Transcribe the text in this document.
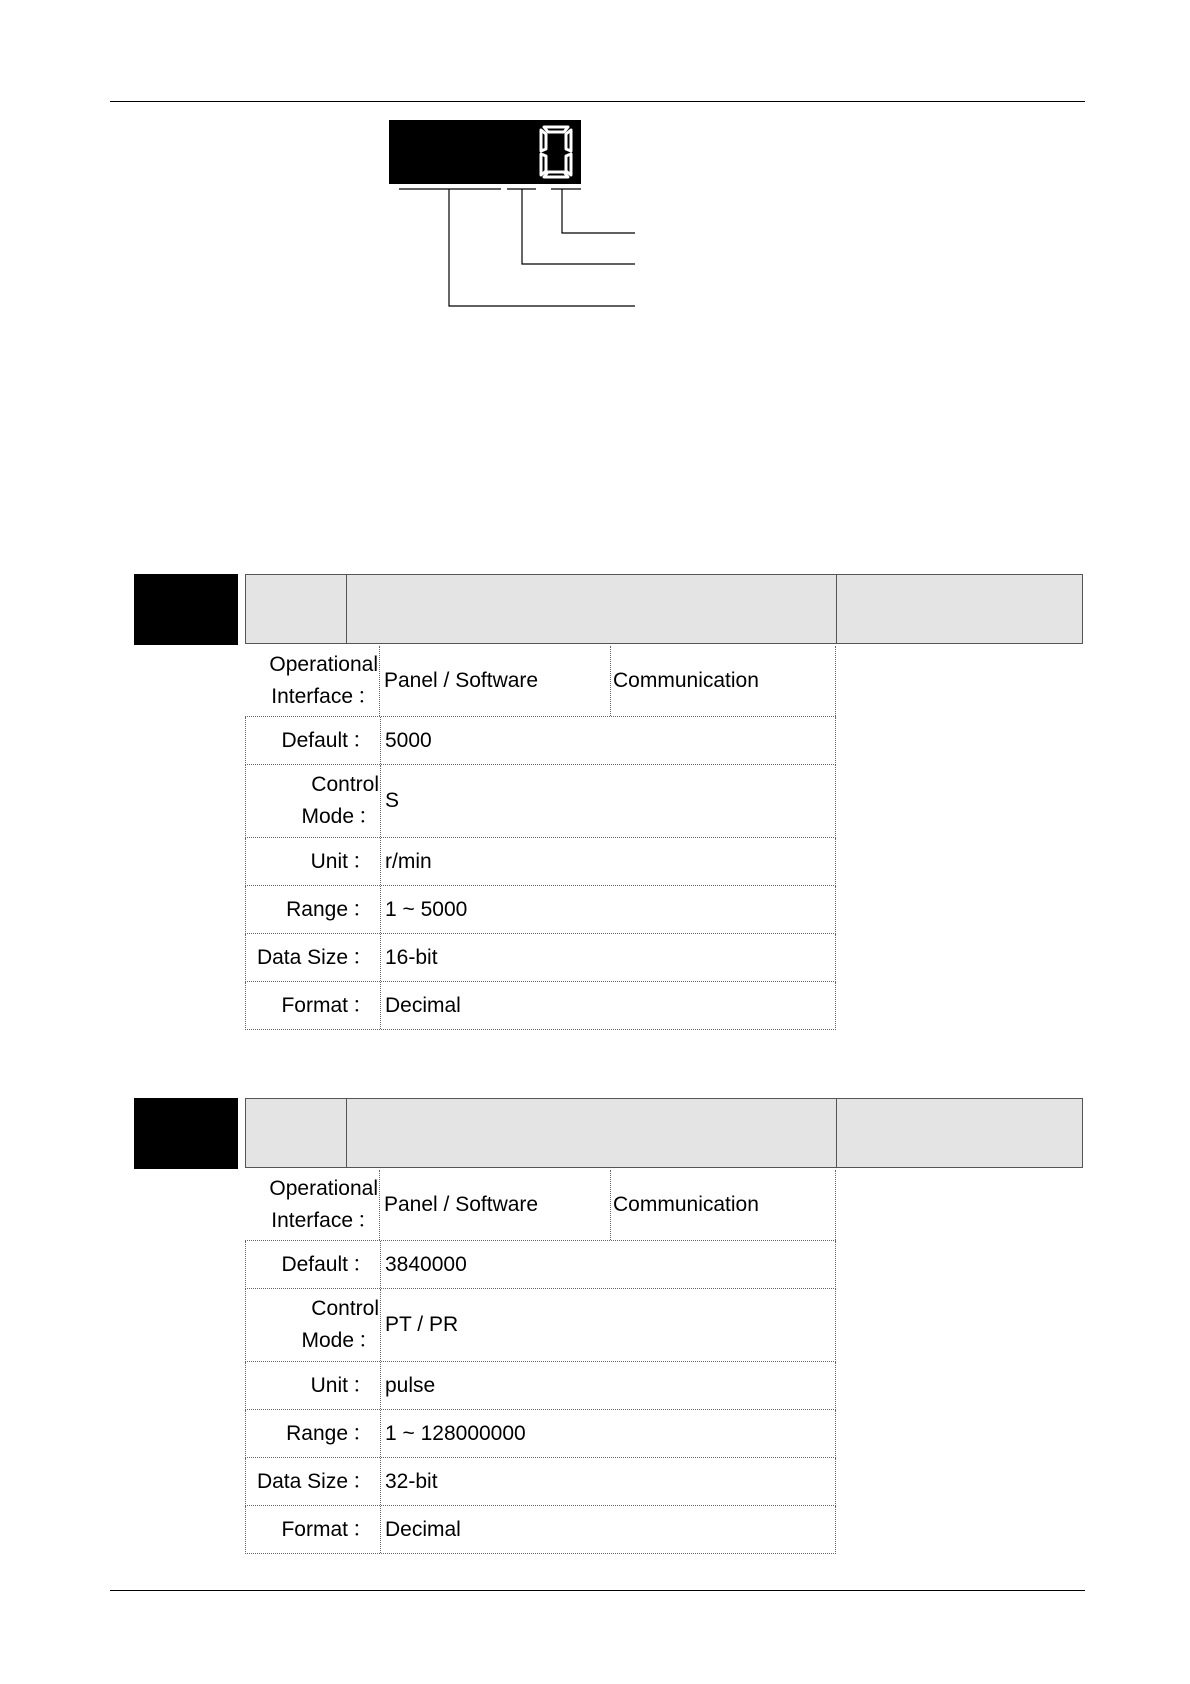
Operational
Interface ：
Panel / Software	Communication
Default ： 5000
Control
Mode ：
S
Unit ： r/min
Range ： 1 ~ 5000
Data Size ： 16-bit
Format ： Decimal
Operational
Interface ：
Panel / Software	Communication
Default ： 3840000
Control
Mode ：
PT / PR
Unit ： pulse
Range ： 1 ~ 128000000
Data Size ： 32-bit
Format ： Decimal
